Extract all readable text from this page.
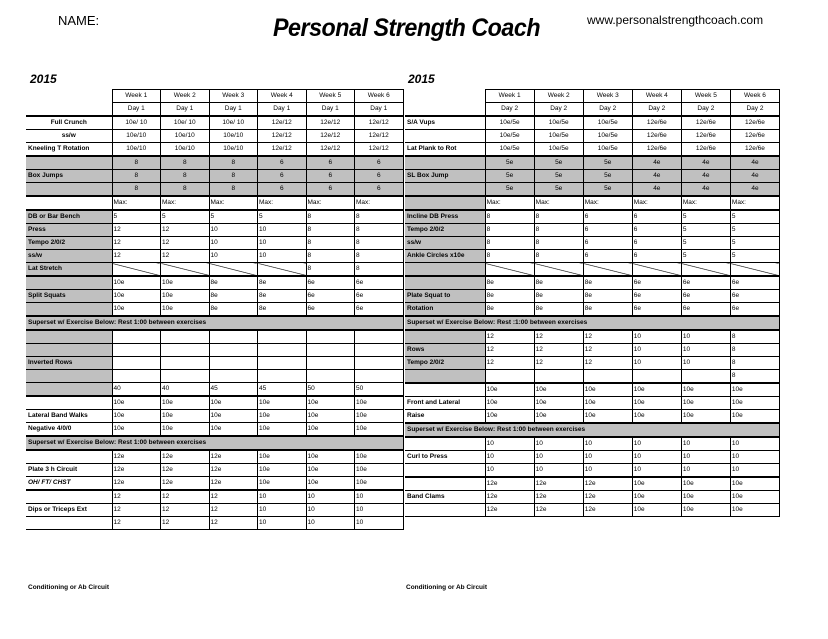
NAME:	Personal Strength Coach	www.personalstrengthcoach.com
2015	2015
	Week 1	Week 2	Week 3	Week 4	Week 5	Week 6
	Day 1	Day 1	Day 1	Day 1	Day 1	Day 1
Full Crunch	10e/ 10	10e/ 10	10e/ 10	12e/12	12e/12	12e/12
ss/w	10e/10	10e/10	10e/10	12e/12	12e/12	12e/12
Kneeling T Rotation	10e/10	10e/10	10e/10	12e/12	12e/12	12e/12
	8	8	8	6	6	6
Box Jumps	8	8	8	6	6	6
	8	8	8	6	6	6
	Max:	Max:	Max:	Max:	Max:	Max:
DB or Bar Bench	5	5	5	5	8	8
Press	12	12	10	10	8	8
Tempo 2/0/2	12	12	10	10	8	8
ss/w	12	12	10	10	8	8
Lat Stretch					8	8
	10e	10e	8e	8e	6e	6e
Split Squats	10e	10e	8e	8e	6e	6e
	10e	10e	8e	8e	6e	6e
Superset w/ Exercise Below: Rest 1:00 between exercises						

Inverted Rows						

	40	40	45	45	50	50
	10e	10e	10e	10e	10e	10e
Lateral Band Walks	10e	10e	10e	10e	10e	10e
Negative 4/0/0	10e	10e	10e	10e	10e	10e
Superset w/ Exercise Below: Rest 1:00 between exercises						
	12e	12e	12e	10e	10e	10e
Plate 3 h Circuit	12e	12e	12e	10e	10e	10e
OH/ FT/ CHST	12e	12e	12e	10e	10e	10e
	12	12	12	10	10	10
Dips or Triceps Ext	12	12	12	10	10	10
	12	12	12	10	10	10
	Week 1	Week 2	Week 3	Week 4	Week 5	Week 6
	Day 2	Day 2	Day 2	Day 2	Day 2	Day 2
S/A Vups	10e/5e	10e/5e	10e/5e	12e/6e	12e/6e	12e/6e
	10e/5e	10e/5e	10e/5e	12e/6e	12e/6e	12e/6e
Lat Plank to Rot	10e/5e	10e/5e	10e/5e	12e/6e	12e/6e	12e/6e
	5e	5e	5e	4e	4e	4e
SL Box Jump	5e	5e	5e	4e	4e	4e
	5e	5e	5e	4e	4e	4e
	Max:	Max:	Max:	Max:	Max:	Max:
Incline DB Press	8	8	6	6	5	5
Tempo 2/0/2	8	8	6	6	5	5
ss/w	8	8	6	6	5	5
Ankle Circles x10e	8	8	6	6	5	5

	8e	8e	8e	6e	6e	6e
Plate Squat to	8e	8e	8e	6e	6e	6e
Rotation	8e	8e	8e	6e	6e	6e
Superset w/ Exercise Below: Rest :1:00 between exercises						
	12	12	12	10	10	8
Rows	12	12	12	10	10	8
Tempo 2/0/2	12	12	12	10	10	8
						8
	10e	10e	10e	10e	10e	10e
Front and Lateral	10e	10e	10e	10e	10e	10e
Raise	10e	10e	10e	10e	10e	10e
Superset w/ Exercise Below: Rest 1:00 between exercises						
	10	10	10	10	10	10
Curl to Press	10	10	10	10	10	10
	10	10	10	10	10	10
	12e	12e	12e	10e	10e	10e
Band Clams	12e	12e	12e	10e	10e	10e
	12e	12e	12e	10e	10e	10e
Conditioning or Ab Circuit	Conditioning or Ab Circuit
